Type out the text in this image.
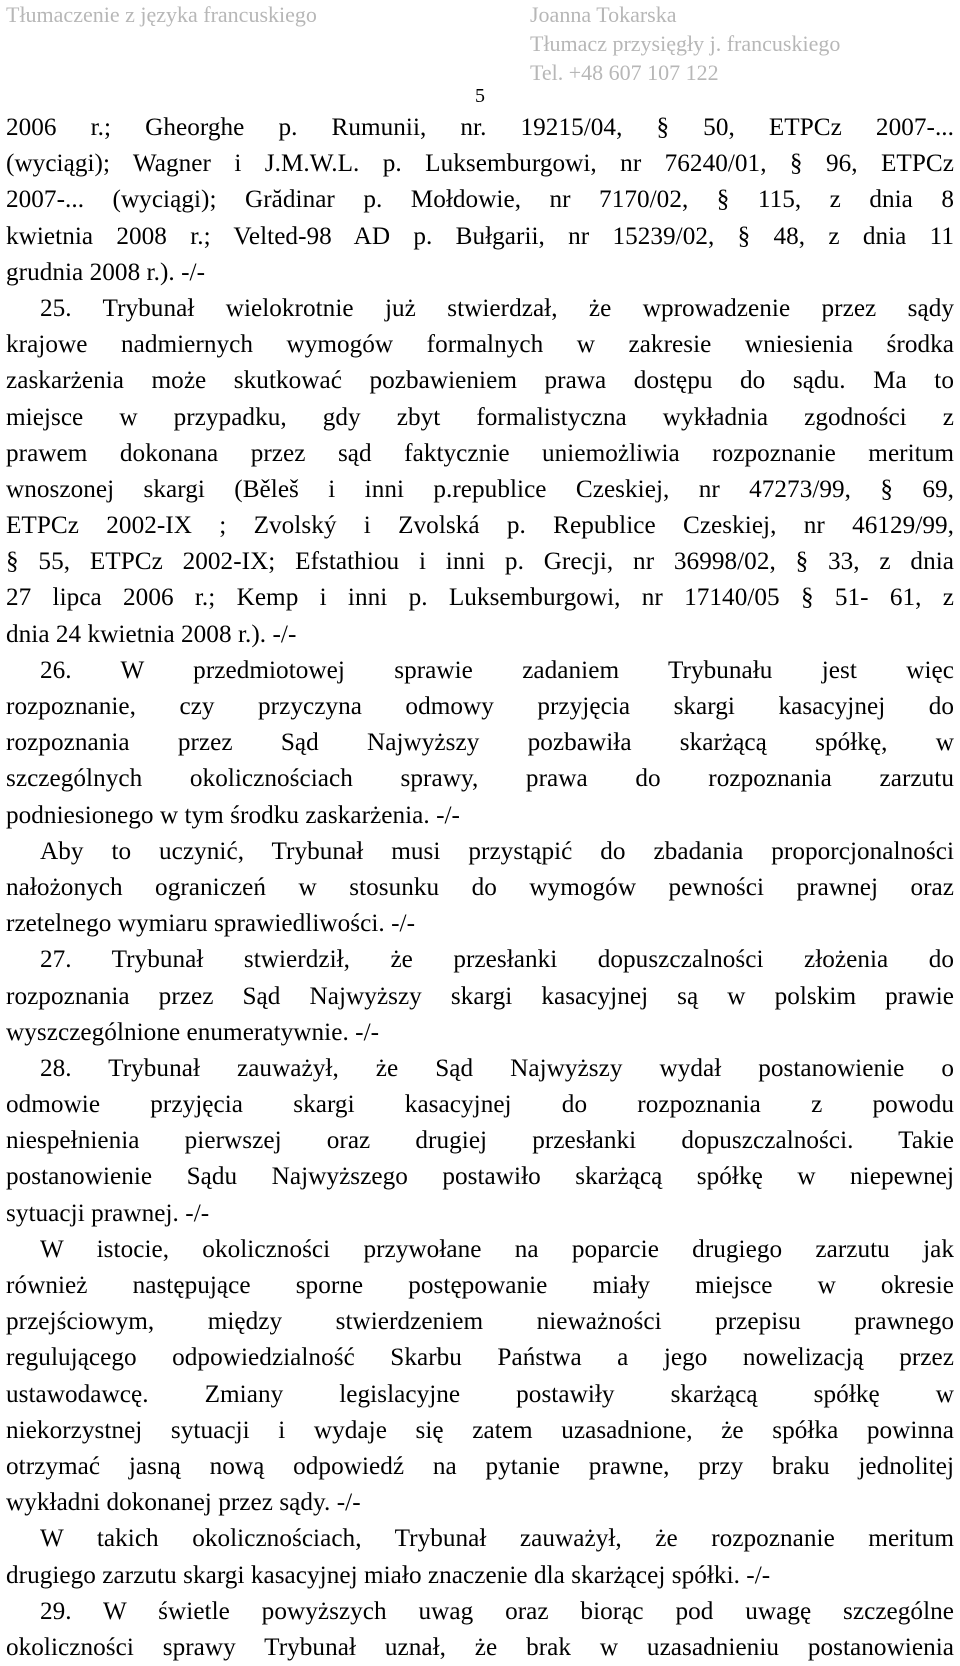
Tłumaczenie z języka francuskiego	Joanna Tokarska
Tłumacz przysięgły j. francuskiego
Tel. +48 607 107 122
5
2006 r.; Gheorghe p. Rumunii, nr. 19215/04, § 50, ETPCz 2007-...
(wyciągi); Wagner i J.M.W.L. p. Luksemburgowi, nr 76240/01, § 96, ETPCz
2007-... (wyciągi); Grădinar p. Mołdowie, nr 7170/02, § 115, z dnia 8
kwietnia 2008 r.; Velted-98 AD p. Bułgarii, nr 15239/02, § 48, z dnia 11
grudnia 2008 r.). -/-
25. Trybunał wielokrotnie już stwierdzał, że wprowadzenie przez sądy
krajowe nadmiernych wymogów formalnych w zakresie wniesienia środka
zaskarżenia może skutkować pozbawieniem prawa dostępu do sądu. Ma to
miejsce w przypadku, gdy zbyt formalistyczna wykładnia zgodności z
prawem dokonana przez sąd faktycznie uniemożliwia rozpoznanie meritum
wnoszonej skargi (Běleš i inni p.republice Czeskiej, nr 47273/99, § 69,
ETPCz 2002-IX ; Zvolský i Zvolská p. Republice Czeskiej, nr 46129/99,
§ 55, ETPCz 2002-IX; Efstathiou i inni p. Grecji, nr 36998/02, § 33, z dnia
27 lipca 2006 r.; Kemp i inni p. Luksemburgowi, nr 17140/05 § 51- 61, z
dnia 24 kwietnia 2008 r.). -/-
26. W przedmiotowej sprawie zadaniem Trybunału jest więc
rozpoznanie, czy przyczyna odmowy przyjęcia skargi kasacyjnej do
rozpoznania przez Sąd Najwyższy pozbawiła skarżącą spółkę, w
szczególnych okolicznościach sprawy, prawa do rozpoznania zarzutu
podniesionego w tym środku zaskarżenia. -/-
Aby to uczynić, Trybunał musi przystąpić do zbadania proporcjonalności
nałożonych ograniczeń w stosunku do wymogów pewności prawnej oraz
rzetelnego wymiaru sprawiedliwości. -/-
27. Trybunał stwierdził, że przesłanki dopuszczalności złożenia do
rozpoznania przez Sąd Najwyższy skargi kasacyjnej są w polskim prawie
wyszczególnione enumeratywnie. -/-
28. Trybunał zauważył, że Sąd Najwyższy wydał postanowienie o
odmowie przyjęcia skargi kasacyjnej do rozpoznania z powodu
niespełnienia pierwszej oraz drugiej przesłanki dopuszczalności. Takie
postanowienie Sądu Najwyższego postawiło skarżącą spółkę w niepewnej
sytuacji prawnej. -/-
W istocie, okoliczności przywołane na poparcie drugiego zarzutu jak
również następujące sporne postępowanie miały miejsce w okresie
przejściowym, między stwierdzeniem nieważności przepisu prawnego
regulującego odpowiedzialność Skarbu Państwa a jego nowelizacją przez
ustawodawcę. Zmiany legislacyjne postawiły skarżącą spółkę w
niekorzystnej sytuacji i wydaje się zatem uzasadnione, że spółka powinna
otrzymać jasną nową odpowiedź na pytanie prawne, przy braku jednolitej
wykładni dokonanej przez sądy. -/-
W takich okolicznościach, Trybunał zauważył, że rozpoznanie meritum
drugiego zarzutu skargi kasacyjnej miało znaczenie dla skarżącej spółki. -/-
29. W świetle powyższych uwag oraz biorąc pod uwagę szczególne
okoliczności sprawy Trybunał uznał, że brak w uzasadnieniu postanowienia
